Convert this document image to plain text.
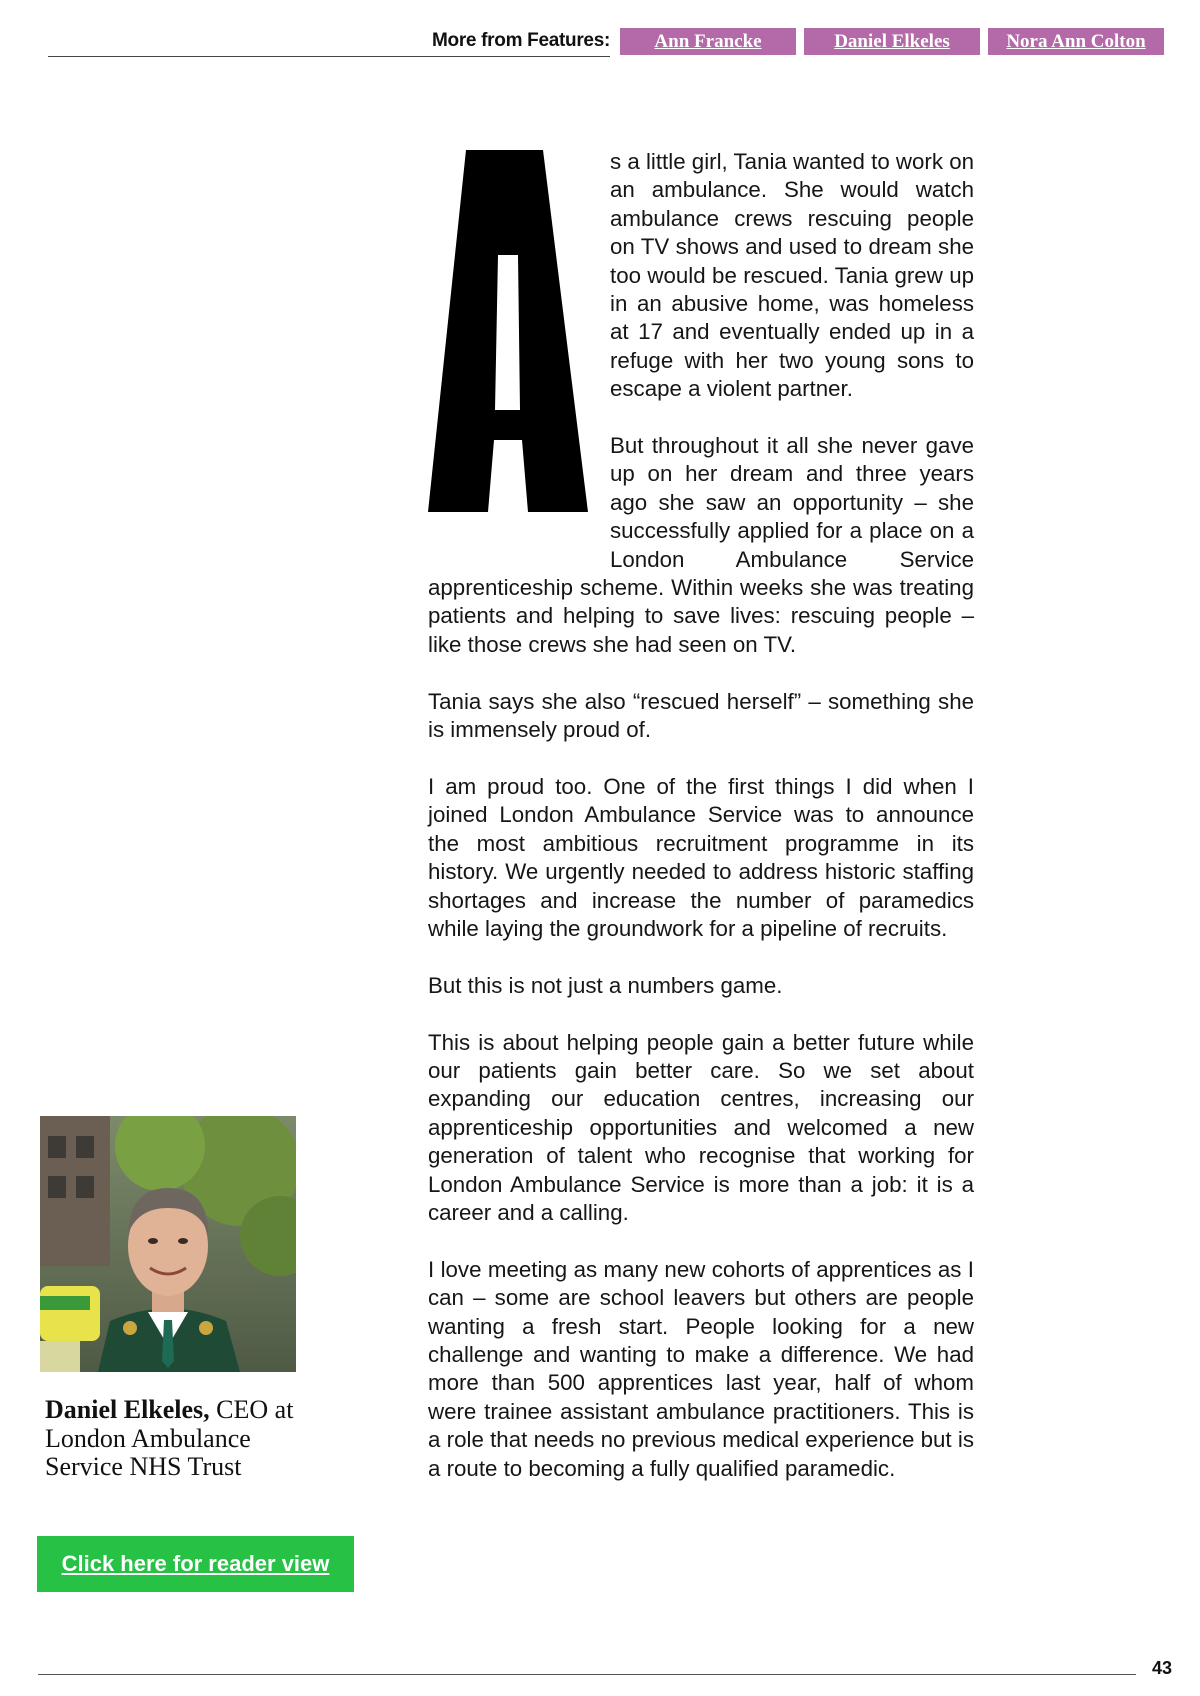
More from Features:	Ann Francke	Daniel Elkeles	Nora Ann Colton

s a little girl, Tania wanted to work on an ambulance. She would watch ambulance crews rescuing people on TV shows and used to dream she too would be rescued. Tania grew up in an abusive home, was homeless at 17 and eventually ended up in a refuge with her two young sons to escape a violent partner.

But throughout it all she never gave up on her dream and three years ago she saw an opportunity – she successfully applied for a place on a London Ambulance Service apprenticeship scheme. Within weeks she was treating patients and helping to save lives: rescuing people – like those crews she had seen on TV.

Tania says she also “rescued herself” – something she is immensely proud of.

I am proud too. One of the first things I did when I joined London Ambulance Service was to announce the most ambitious recruitment programme in its history. We urgently needed to address historic staffing shortages and increase the number of paramedics while laying the groundwork for a pipeline of recruits.

But this is not just a numbers game.

This is about helping people gain a better future while our patients gain better care. So we set about expanding our education centres, increasing our apprenticeship opportunities and welcomed a new generation of talent who recognise that working for London Ambulance Service is more than a job: it is a career and a calling.

I love meeting as many new cohorts of apprentices as I can – some are school leavers but others are people wanting a fresh start. People looking for a new challenge and wanting to make a difference. We had more than 500 apprentices last year, half of whom were trainee assistant ambulance practitioners. This is a role that needs no previous medical experience but is a route to becoming a fully qualified paramedic.

Daniel Elkeles, CEO at London Ambulance Service NHS Trust
Click here for reader view
43
